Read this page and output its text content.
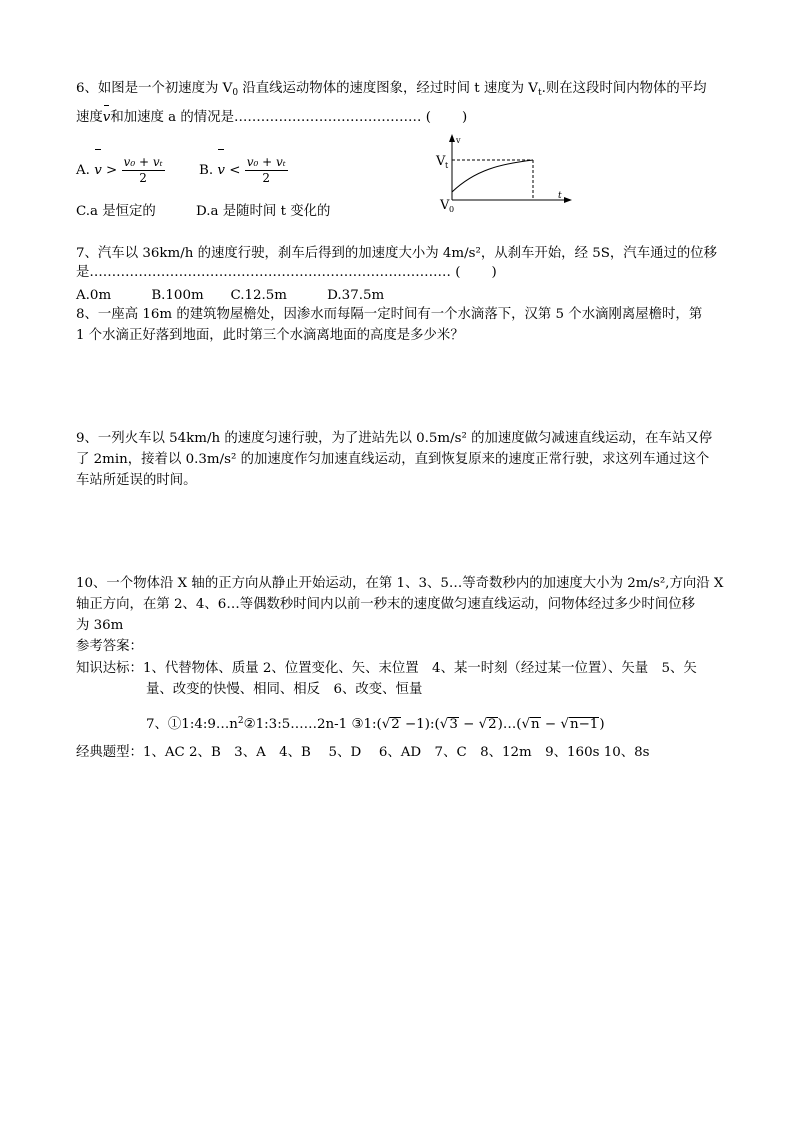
6、如图是一个初速度为 $V_0$ 沿直线运动物体的速度图象，经过时间 t 速度为 $V_t$.则在这段时间内物体的平均
速度v和加速度 a 的情况是…………………………………… (　　 )
A. $v > \frac{\text{v₀ + vₜ}}{2}$	B. $v < \frac{\text{v₀ + vₜ}}{2}$
C.a 是恒定的	D.a 是随时间 t 变化的
v
t
V t
V 0
7、汽车以 36km/h 的速度行驶，刹车后得到的加速度大小为 4m/s²，从刹车开始，经 5S，汽车通过的位移
是……………………………………………………………………… (　　 )
A.0m　　　B.100m　　C.12.5m　　　D.37.5m
8、一座高 16m 的建筑物屋檐处，因渗水而每隔一定时间有一个水滴落下，汉第 5 个水滴刚离屋檐时，第
1 个水滴正好落到地面，此时第三个水滴离地面的高度是多少米？
9、一列火车以 54km/h 的速度匀速行驶，为了进站先以 0.5m/s² 的加速度做匀减速直线运动，在车站又停
了 2min，接着以 0.3m/s² 的加速度作匀加速直线运动，直到恢复原来的速度正常行驶，求这列车通过这个
车站所延误的时间。
10、一个物体沿 X 轴的正方向从静止开始运动，在第 1、3、5…等奇数秒内的加速度大小为 2m/s²,方向沿 X
轴正方向，在第 2、4、6…等偶数秒时间内以前一秒末的速度做匀速直线运动，问物体经过多少时间位移
为 36m
参考答案：
知识达标：1、代替物体、质量 2、位置变化、矢、末位置　4、某一时刻（经过某一位置）、矢量　5、矢
量、改变的快慢、相同、相反　6、改变、恒量
7、$①1:4:9\dots n^2②1:3:5\dots\dots 2n-1$ ③1:(√2 −1):(√3 − √2)…(√n − √n−1)
经典题型：1、AC 2、B　3、A　4、B　 5、D　 6、AD　7、C　8、12m　9、160s 10、8s
